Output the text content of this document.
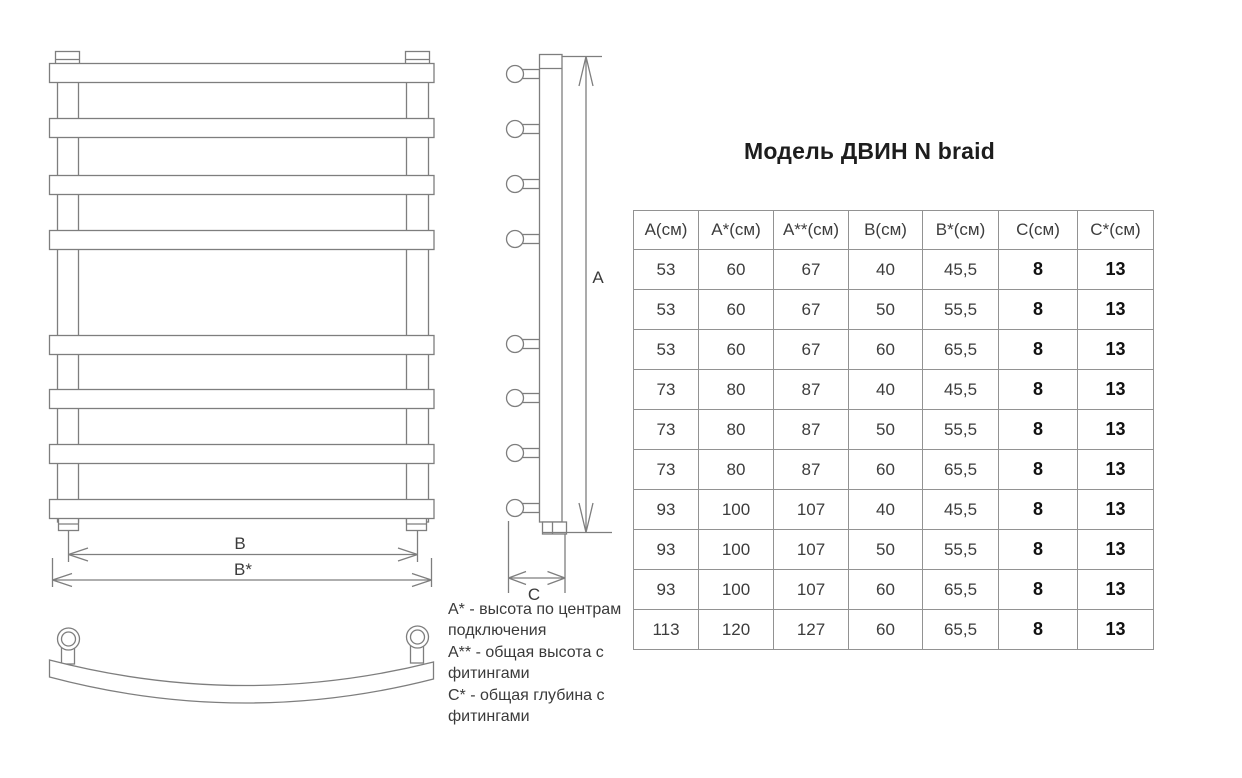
В
В*
А
С
Модель ДВИН N braid
А(см)	А*(см)	А**(см)	В(см)	В*(см)	С(см)	С*(см)
53	60	67	40	45,5	8	13
53	60	67	50	55,5	8	13
53	60	67	60	65,5	8	13
73	80	87	40	45,5	8	13
73	80	87	50	55,5	8	13
73	80	87	60	65,5	8	13
93	100	107	40	45,5	8	13
93	100	107	50	55,5	8	13
93	100	107	60	65,5	8	13
113	120	127	60	65,5	8	13

А* - высота по центрам подключения

А** - общая высота с фитингами

С* - общая глубина с фитингами
